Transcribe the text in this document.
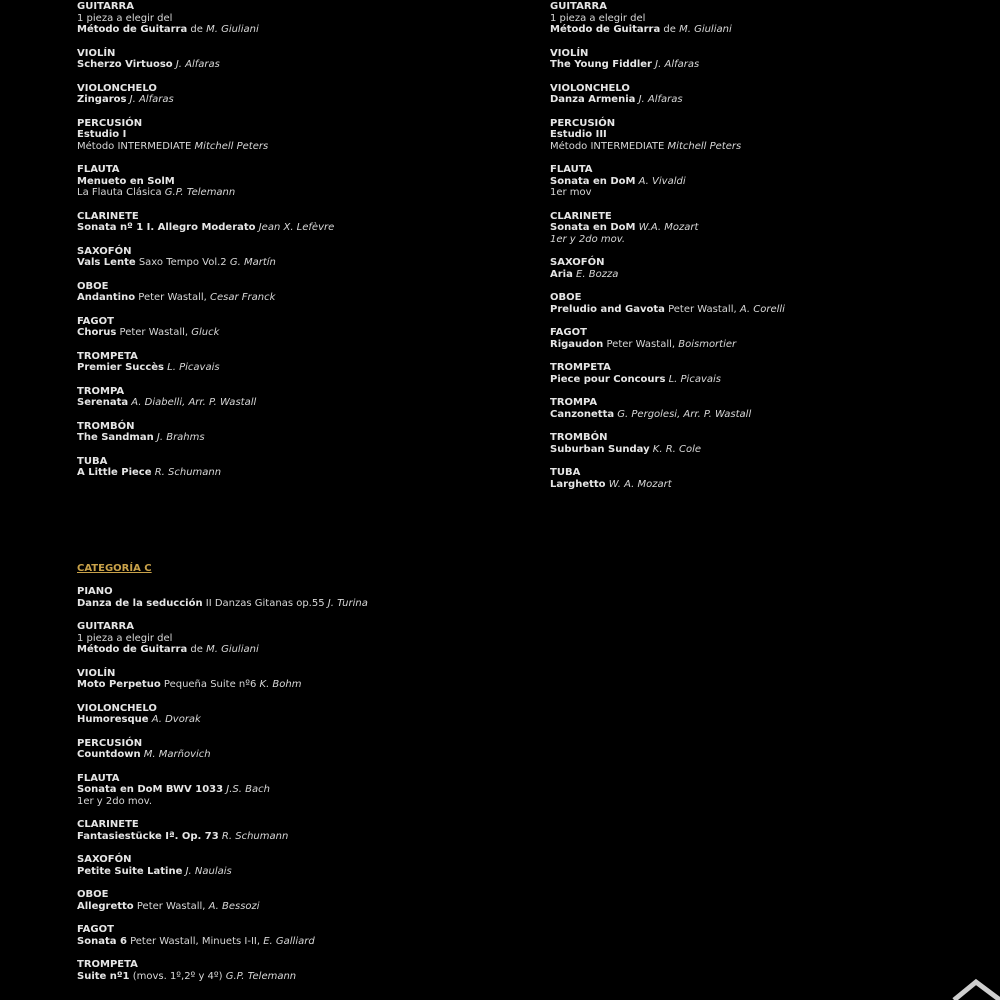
GUITARRA
1 pieza a elegir del
Método de Guitarra de M. Giuliani
VIOLÍN
Scherzo Virtuoso J. Alfaras
VIOLONCHELO
Zingaros J. Alfaras
PERCUSIÓN
Estudio I
Método INTERMEDIATE Mitchell Peters
FLAUTA
Menueto en SolM
La Flauta Clásica G.P. Telemann
CLARINETE
Sonata nº 1 I. Allegro Moderato Jean X. Lefèvre
SAXOFÓN
Vals Lente Saxo Tempo Vol.2 G. Martín
OBOE
Andantino Peter Wastall, Cesar Franck
FAGOT
Chorus Peter Wastall, Gluck
TROMPETA
Premier Succès L. Picavais
TROMPA
Serenata A. Diabelli, Arr. P. Wastall
TROMBÓN
The Sandman J. Brahms
TUBA
A Little Piece R. Schumann
GUITARRA
1 pieza a elegir del
Método de Guitarra de M. Giuliani
VIOLÍN
The Young Fiddler J. Alfaras
VIOLONCHELO
Danza Armenia J. Alfaras
PERCUSIÓN
Estudio III
Método INTERMEDIATE Mitchell Peters
FLAUTA
Sonata en DoM A. Vivaldi
1er mov
CLARINETE
Sonata en DoM W.A. Mozart
1er y 2do mov.
SAXOFÓN
Aria E. Bozza
OBOE
Preludio and Gavota Peter Wastall, A. Corelli
FAGOT
Rigaudon Peter Wastall, Boismortier
TROMPETA
Piece pour Concours L. Picavais
TROMPA
Canzonetta G. Pergolesi, Arr. P. Wastall
TROMBÓN
Suburban Sunday K. R. Cole
TUBA
Larghetto W. A. Mozart
CATEGORÍA C
PIANO
Danza de la seducción II Danzas Gitanas op.55 J. Turina
GUITARRA
1 pieza a elegir del
Método de Guitarra de M. Giuliani
VIOLÍN
Moto Perpetuo Pequeña Suite nº6 K. Bohm
VIOLONCHELO
Humoresque A. Dvorak
PERCUSIÓN
Countdown M. Marñovich
FLAUTA
Sonata en DoM BWV 1033 J.S. Bach
1er y 2do mov.
CLARINETE
Fantasiestücke Iª. Op. 73 R. Schumann
SAXOFÓN
Petite Suite Latine J. Naulais
OBOE
Allegretto Peter Wastall, A. Bessozi
FAGOT
Sonata 6 Peter Wastall, Minuets I-II, E. Galliard
TROMPETA
Suite nº1 (movs. 1º,2º y 4º) G.P. Telemann
